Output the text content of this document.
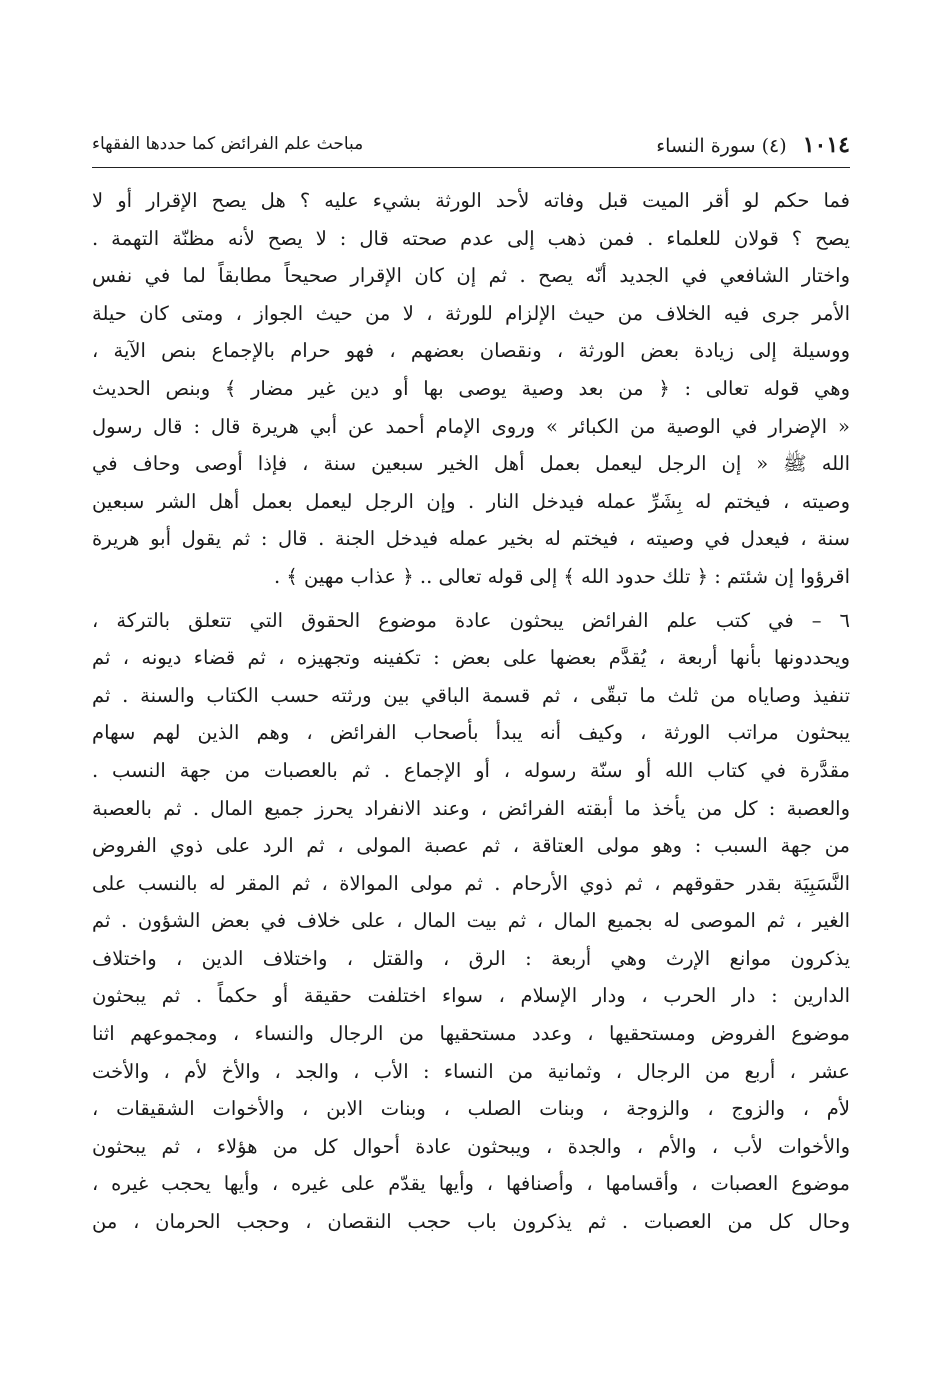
١٠١٤ (٤) سورة النساء
مباحث علم الفرائض كما حددها الفقهاء
فما حكم لو أقر الميت قبل وفاته لأحد الورثة بشيء عليه ؟ هل يصح الإقرار أو لا
يصح ؟ قولان للعلماء . فمن ذهب إلى عدم صحته قال : لا يصح لأنه مظنّة التهمة .
واختار الشافعي في الجديد أنّه يصح . ثم إن كان الإقرار صحيحاً مطابقاً لما في نفس
الأمر جرى فيه الخلاف من حيث الإلزام للورثة ، لا من حيث الجواز ، ومتى كان حيلة
ووسيلة إلى زيادة بعض الورثة ، ونقصان بعضهم ، فهو حرام بالإجماع بنص الآية ،
وهي قوله تعالى : ﴿ من بعد وصية يوصى بها أو دين غير مضار ﴾ وبنص الحديث
« الإضرار في الوصية من الكبائر » وروى الإمام أحمد عن أبي هريرة قال : قال رسول
الله ﷺ « إن الرجل ليعمل بعمل أهل الخير سبعين سنة ، فإذا أوصى وحاف في
وصيته ، فيختم له بِشَرِّ عمله فيدخل النار . وإن الرجل ليعمل بعمل أهل الشر سبعين
سنة ، فيعدل في وصيته ، فيختم له بخير عمله فيدخل الجنة . قال : ثم يقول أبو هريرة
اقرؤوا إن شئتم : ﴿ تلك حدود الله ﴾ إلى قوله تعالى .. ﴿ عذاب مهين ﴾ .
٦ – في كتب علم الفرائض يبحثون عادة موضوع الحقوق التي تتعلق بالتركة ،
ويحددونها بأنها أربعة ، يُقدَّم بعضها على بعض : تكفينه وتجهيزه ، ثم قضاء ديونه ، ثم
تنفيذ وصاياه من ثلث ما تبقّى ، ثم قسمة الباقي بين ورثته حسب الكتاب والسنة . ثم
يبحثون مراتب الورثة ، وكيف أنه يبدأ بأصحاب الفرائض ، وهم الذين لهم سهام
مقدَّرة في كتاب الله أو سنّة رسوله ، أو الإجماع . ثم بالعصبات من جهة النسب .
والعصبة : كل من يأخذ ما أبقته الفرائض ، وعند الانفراد يحرز جميع المال . ثم بالعصبة
من جهة السبب : وهو مولى العتاقة ، ثم عصبة المولى ، ثم الرد على ذوي الفروض
النَّسَبِيَة بقدر حقوقهم ، ثم ذوي الأرحام . ثم مولى الموالاة ، ثم المقر له بالنسب على
الغير ، ثم الموصى له بجميع المال ، ثم بيت المال ، على خلاف في بعض الشؤون . ثم
يذكرون موانع الإرث وهي أربعة : الرق ، والقتل ، واختلاف الدين ، واختلاف
الدارين : دار الحرب ، ودار الإسلام ، سواء اختلفت حقيقة أو حكماً . ثم يبحثون
موضوع الفروض ومستحقيها ، وعدد مستحقيها من الرجال والنساء ، ومجموعهم اثنا
عشر ، أربع من الرجال ، وثمانية من النساء : الأب ، والجد ، والأخ لأم ، والأخت
لأم ، والزوج ، والزوجة ، وبنات الصلب ، وبنات الابن ، والأخوات الشقيقات ،
والأخوات لأب ، والأم ، والجدة ، ويبحثون عادة أحوال كل من هؤلاء ، ثم يبحثون
موضوع العصبات ، وأقسامها ، وأصنافها ، وأيها يقدّم على غيره ، وأيها يحجب غيره ،
وحال كل من العصبات . ثم يذكرون باب حجب النقصان ، وحجب الحرمان ، من
